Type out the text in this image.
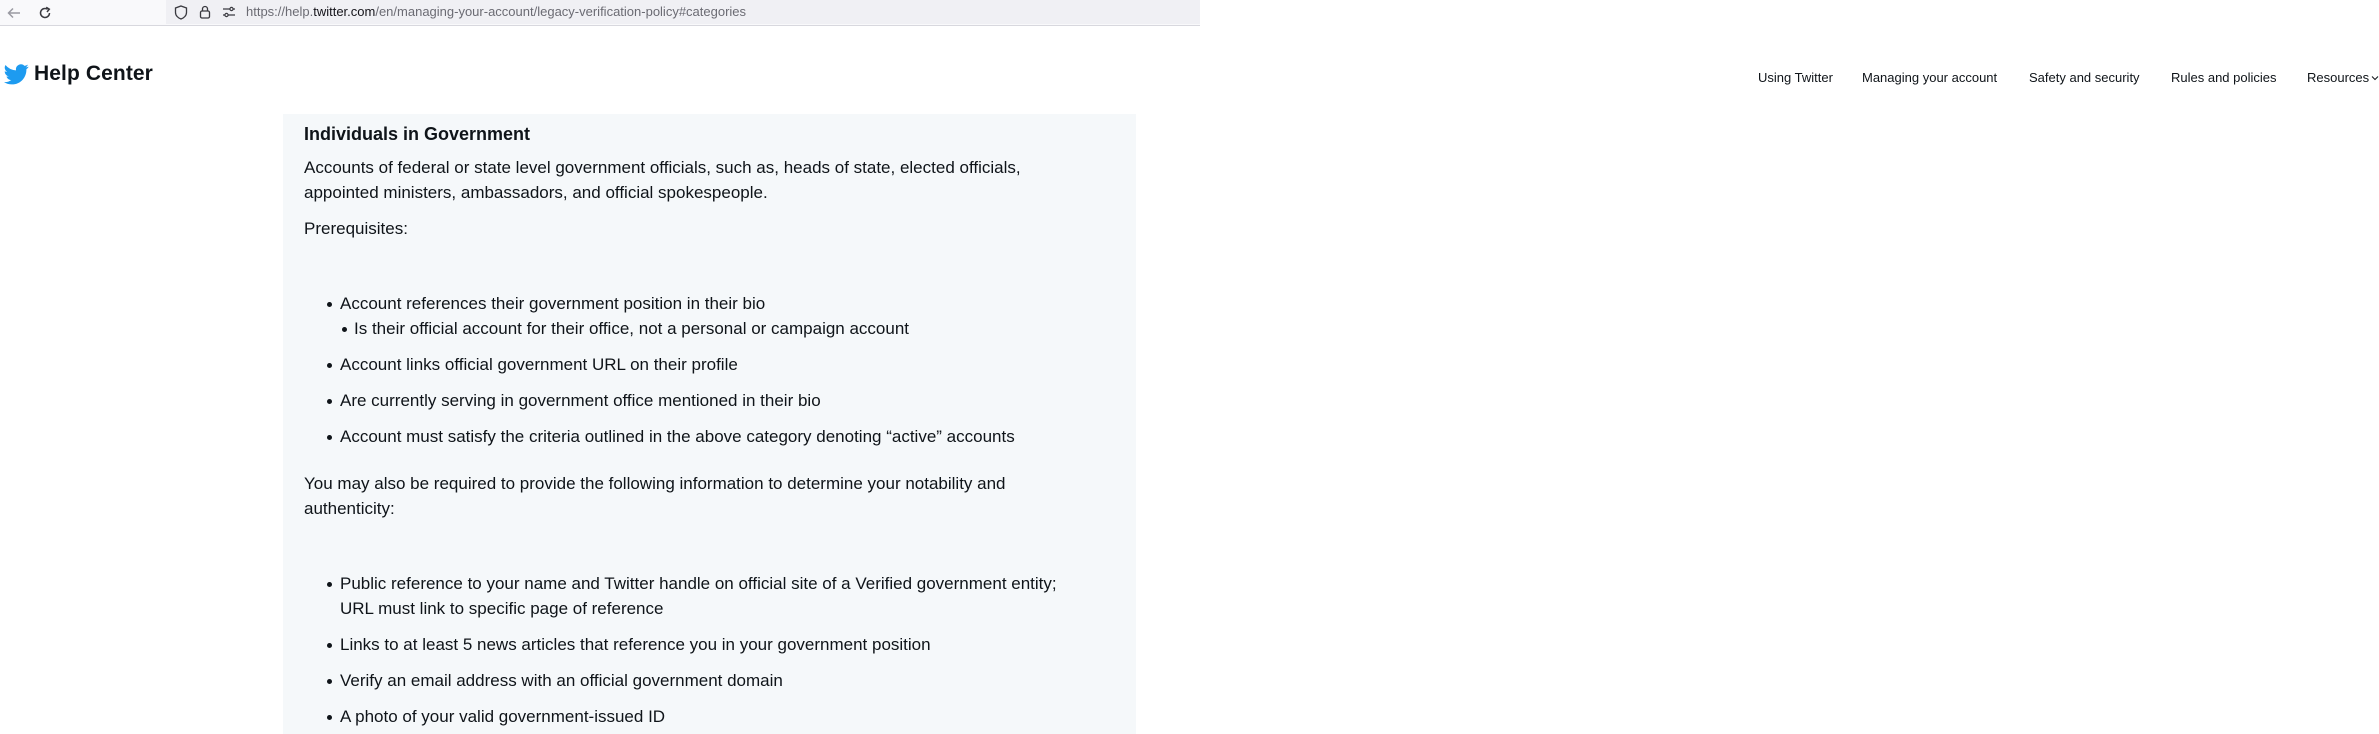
https://help.twitter.com/en/managing-your-account/legacy-verification-policy#categories
Help Center	Using Twitter Managing your account Safety and security Rules and policies Resources
Individuals in Government
Accounts of federal or state level government officials, such as, heads of state, elected officials,
appointed ministers, ambassadors, and official spokespeople.
Prerequisites:
Account references their government position in their bio
Is their official account for their office, not a personal or campaign account
Account links official government URL on their profile
Are currently serving in government office mentioned in their bio
Account must satisfy the criteria outlined in the above category denoting “active” accounts
You may also be required to provide the following information to determine your notability and
authenticity:
Public reference to your name and Twitter handle on official site of a Verified government entity;
URL must link to specific page of reference
Links to at least 5 news articles that reference you in your government position
Verify an email address with an official government domain
A photo of your valid government-issued ID
